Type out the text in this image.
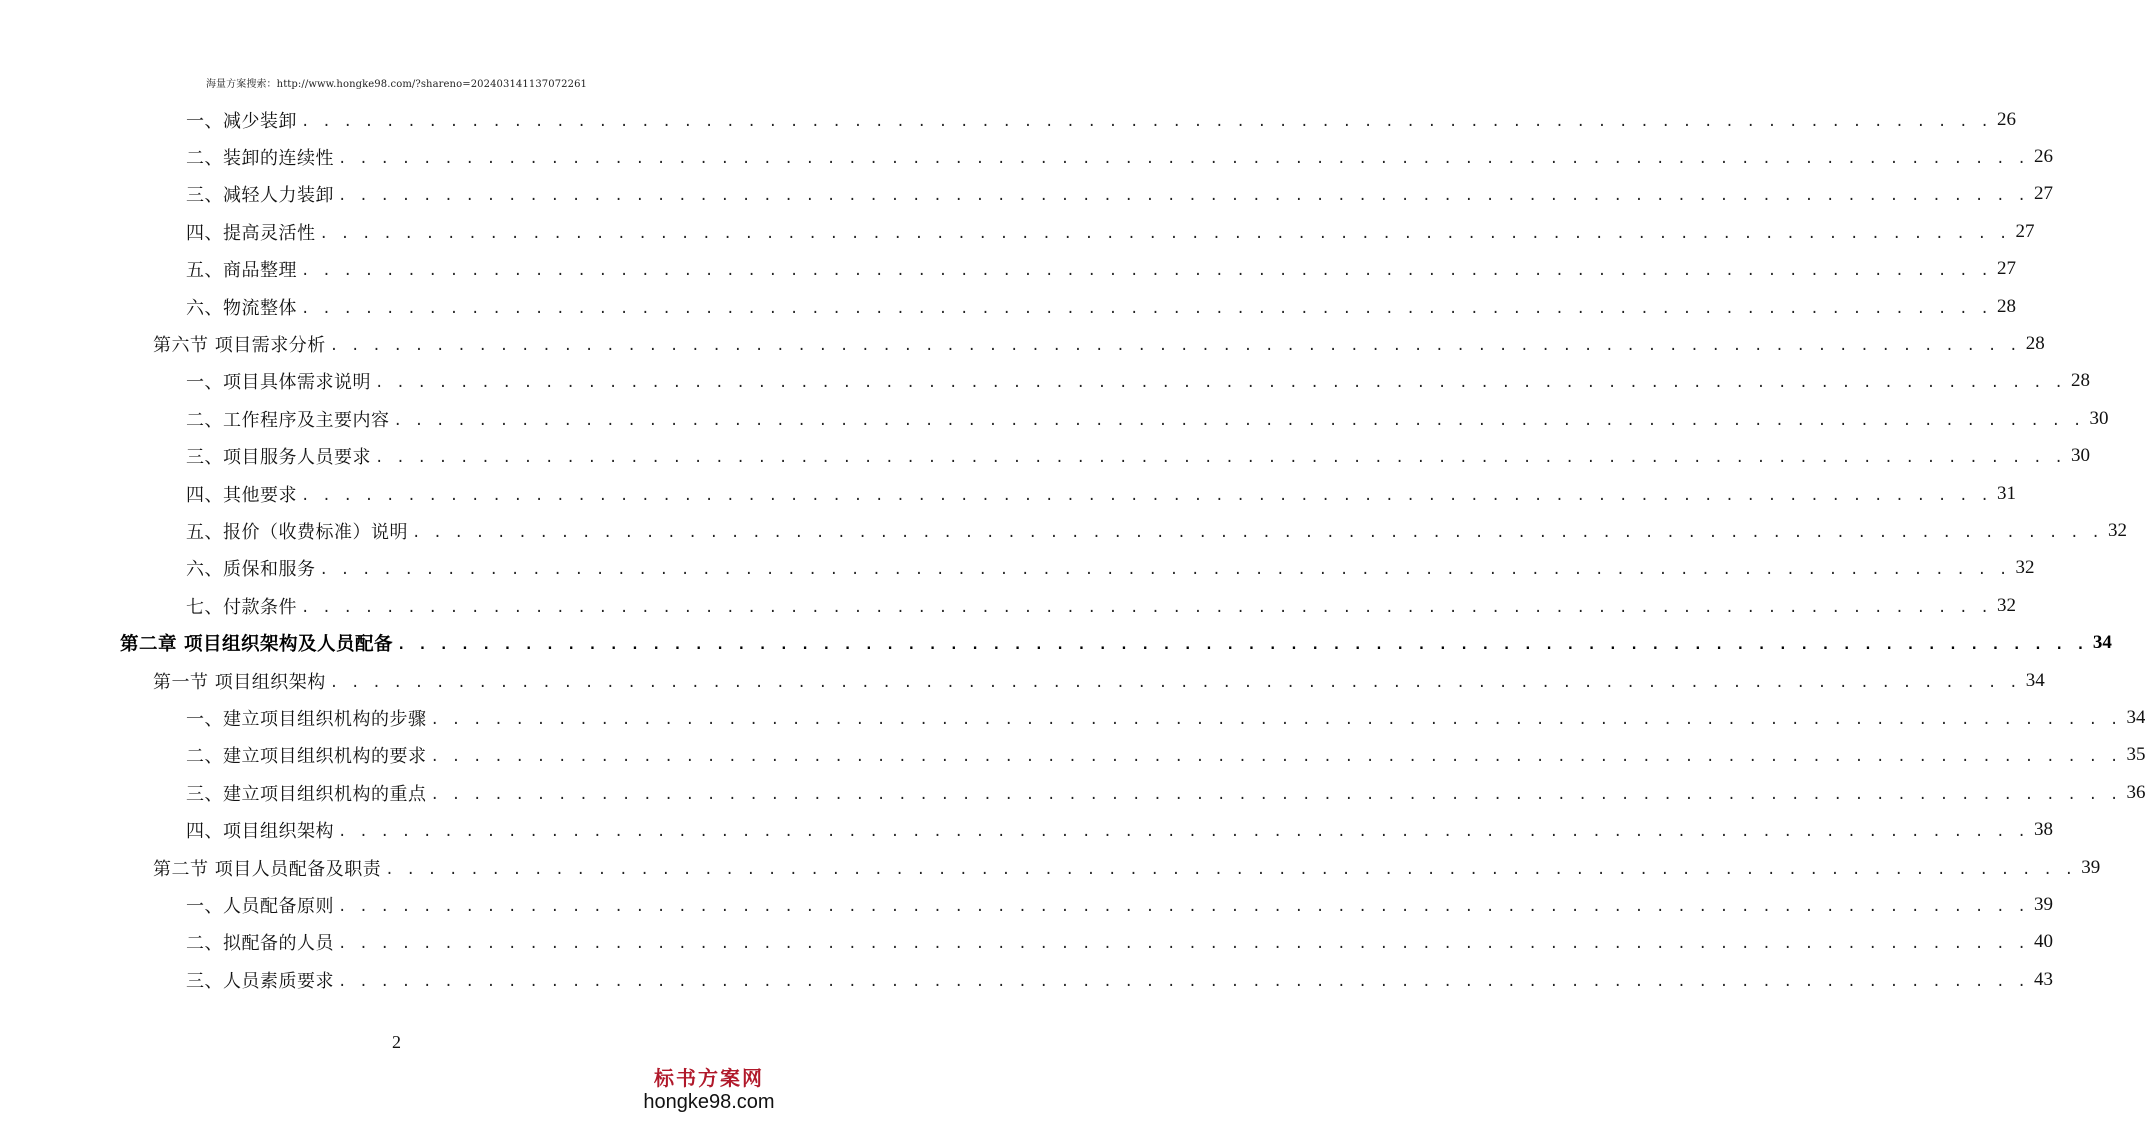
海量方案搜索：http://www.hongke98.com/?shareno=202403141137072261
一、减少装卸 . . . . . . . . . . . . . . . . . . . . . . . . . . . . . . . . . . . . . . . . . . . . . . . . . . . . . . . . . . . . . . . . . . . . . . . . . . . . . . . . 26
二、装卸的连续性 . . . . . . . . . . . . . . . . . . . . . . . . . . . . . . . . . . . . . . . . . . . . . . . . . . . . . . . . . . . . . . . . . . . . . . . . . . . . . . . . 26
三、减轻人力装卸 . . . . . . . . . . . . . . . . . . . . . . . . . . . . . . . . . . . . . . . . . . . . . . . . . . . . . . . . . . . . . . . . . . . . . . . . . . . . . . . . 27
四、提高灵活性 . . . . . . . . . . . . . . . . . . . . . . . . . . . . . . . . . . . . . . . . . . . . . . . . . . . . . . . . . . . . . . . . . . . . . . . . . . . . . . . . 27
五、商品整理 . . . . . . . . . . . . . . . . . . . . . . . . . . . . . . . . . . . . . . . . . . . . . . . . . . . . . . . . . . . . . . . . . . . . . . . . . . . . . . . . 27
六、物流整体 . . . . . . . . . . . . . . . . . . . . . . . . . . . . . . . . . . . . . . . . . . . . . . . . . . . . . . . . . . . . . . . . . . . . . . . . . . . . . . . . 28
第六节 项目需求分析 . . . . . . . . . . . . . . . . . . . . . . . . . . . . . . . . . . . . . . . . . . . . . . . . . . . . . . . . . . . . . . . . . . . . . . . . . . . . . . . . 28
一、项目具体需求说明 . . . . . . . . . . . . . . . . . . . . . . . . . . . . . . . . . . . . . . . . . . . . . . . . . . . . . . . . . . . . . . . . . . . . . . . . . . . . . . . . 28
二、工作程序及主要内容 . . . . . . . . . . . . . . . . . . . . . . . . . . . . . . . . . . . . . . . . . . . . . . . . . . . . . . . . . . . . . . . . . . . . . . . . . . . . . . . . 30
三、项目服务人员要求 . . . . . . . . . . . . . . . . . . . . . . . . . . . . . . . . . . . . . . . . . . . . . . . . . . . . . . . . . . . . . . . . . . . . . . . . . . . . . . . . 30
四、其他要求 . . . . . . . . . . . . . . . . . . . . . . . . . . . . . . . . . . . . . . . . . . . . . . . . . . . . . . . . . . . . . . . . . . . . . . . . . . . . . . . . 31
五、报价（收费标准）说明 . . . . . . . . . . . . . . . . . . . . . . . . . . . . . . . . . . . . . . . . . . . . . . . . . . . . . . . . . . . . . . . . . . . . . . . . . . . . . . . . 32
六、质保和服务 . . . . . . . . . . . . . . . . . . . . . . . . . . . . . . . . . . . . . . . . . . . . . . . . . . . . . . . . . . . . . . . . . . . . . . . . . . . . . . . . 32
七、付款条件 . . . . . . . . . . . . . . . . . . . . . . . . . . . . . . . . . . . . . . . . . . . . . . . . . . . . . . . . . . . . . . . . . . . . . . . . . . . . . . . . 32
第二章 项目组织架构及人员配备 . . . . . . . . . . . . . . . . . . . . . . . . . . . . . . . . . . . . . . . . . . . . . . . . . . . . . . . . . . . . . . . . . . . . . . . . . . . . . . . . 34
第一节 项目组织架构 . . . . . . . . . . . . . . . . . . . . . . . . . . . . . . . . . . . . . . . . . . . . . . . . . . . . . . . . . . . . . . . . . . . . . . . . . . . . . . . . 34
一、建立项目组织机构的步骤 . . . . . . . . . . . . . . . . . . . . . . . . . . . . . . . . . . . . . . . . . . . . . . . . . . . . . . . . . . . . . . . . . . . . . . . . . . . . . . . . 34
二、建立项目组织机构的要求 . . . . . . . . . . . . . . . . . . . . . . . . . . . . . . . . . . . . . . . . . . . . . . . . . . . . . . . . . . . . . . . . . . . . . . . . . . . . . . . . 35
三、建立项目组织机构的重点 . . . . . . . . . . . . . . . . . . . . . . . . . . . . . . . . . . . . . . . . . . . . . . . . . . . . . . . . . . . . . . . . . . . . . . . . . . . . . . . . 36
四、项目组织架构 . . . . . . . . . . . . . . . . . . . . . . . . . . . . . . . . . . . . . . . . . . . . . . . . . . . . . . . . . . . . . . . . . . . . . . . . . . . . . . . . 38
第二节 项目人员配备及职责 . . . . . . . . . . . . . . . . . . . . . . . . . . . . . . . . . . . . . . . . . . . . . . . . . . . . . . . . . . . . . . . . . . . . . . . . . . . . . . . . 39
一、人员配备原则 . . . . . . . . . . . . . . . . . . . . . . . . . . . . . . . . . . . . . . . . . . . . . . . . . . . . . . . . . . . . . . . . . . . . . . . . . . . . . . . . 39
二、拟配备的人员 . . . . . . . . . . . . . . . . . . . . . . . . . . . . . . . . . . . . . . . . . . . . . . . . . . . . . . . . . . . . . . . . . . . . . . . . . . . . . . . . 40
三、人员素质要求 . . . . . . . . . . . . . . . . . . . . . . . . . . . . . . . . . . . . . . . . . . . . . . . . . . . . . . . . . . . . . . . . . . . . . . . . . . . . . . . . 43
2
标书方案网
hongke98.com
